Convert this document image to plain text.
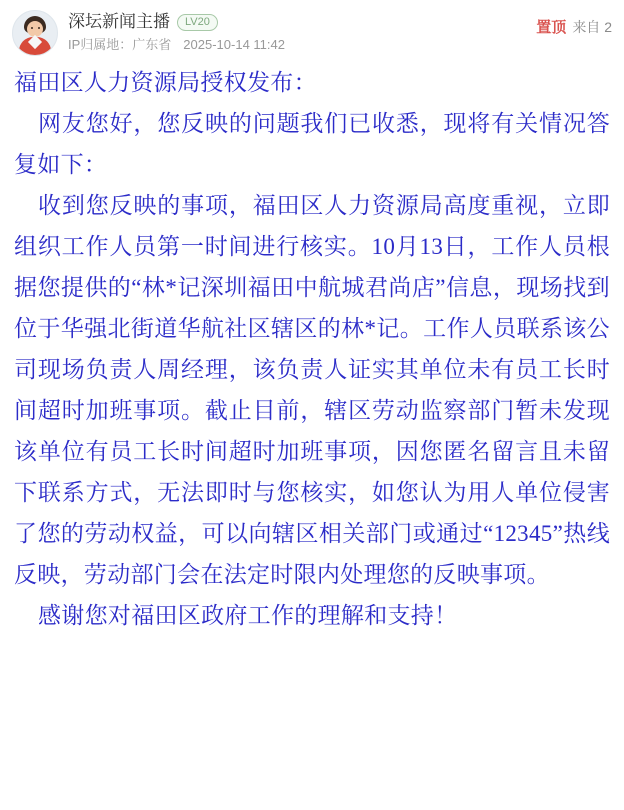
深坛新闻主播	LV20
IP归属地：广东省 2025-10-14 11:42
置顶 来自 2

福田区人力资源局授权发布：

网友您好，您反映的问题我们已收悉，现将有关情况答复如下：

收到您反映的事项，福田区人力资源局高度重视，立即组织工作人员第一时间进行核实。10月13日，工作人员根据您提供的“林*记深圳福田中航城君尚店”信息，现场找到位于华强北街道华航社区辖区的林*记。工作人员联系该公司现场负责人周经理，该负责人证实其单位未有员工长时间超时加班事项。截止目前，辖区劳动监察部门暂未发现该单位有员工长时间超时加班事项，因您匿名留言且未留下联系方式，无法即时与您核实，如您认为用人单位侵害了您的劳动权益，可以向辖区相关部门或通过“12345”热线反映，劳动部门会在法定时限内处理您的反映事项。

感谢您对福田区政府工作的理解和支持！
